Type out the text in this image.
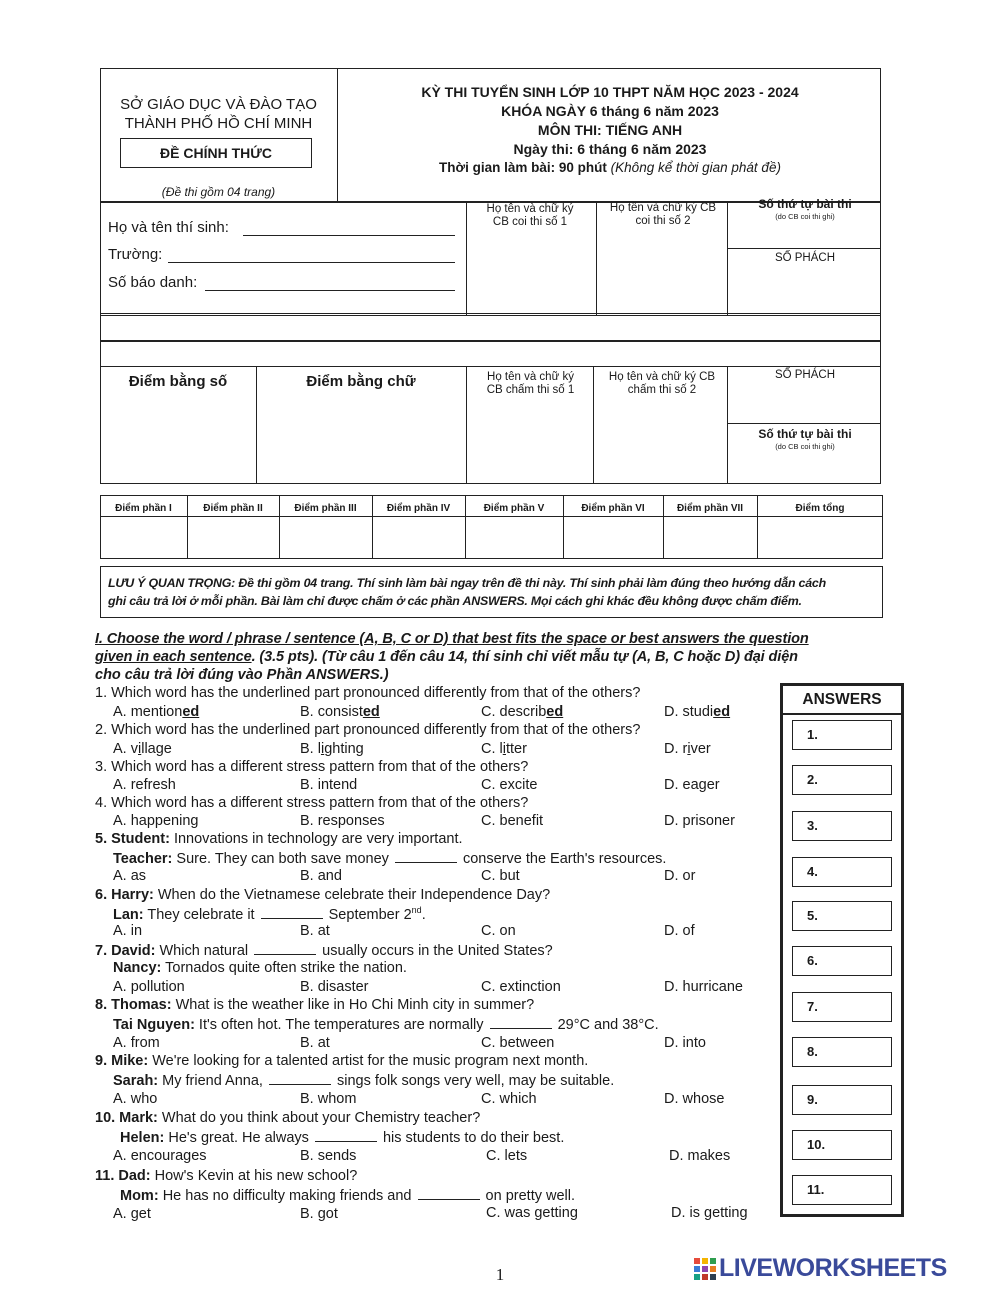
SỞ GIÁO DỤC VÀ ĐÀO TẠO
THÀNH PHỐ HỒ CHÍ MINH
ĐỀ CHÍNH THỨC
(Đề thi gồm 04 trang)
KỲ THI TUYỂN SINH LỚP 10 THPT NĂM HỌC 2023 - 2024
KHÓA NGÀY 6 tháng 6 năm 2023
MÔN THI: TIẾNG ANH
Ngày thi: 6 tháng 6 năm 2023
Thời gian làm bài: 90 phút (Không kể thời gian phát đề)
Họ và tên thí sinh:
Trường:
Số báo danh:
Họ tên và chữ ký CB coi thi số 1
Họ tên và chữ ký CB coi thi số 2
Số thứ tự bài thi
(do CB coi thi ghi)
SỐ PHÁCH
Điểm bằng số	Điểm bằng chữ	Họ tên và chữ ký CB chấm thi số 1
Họ tên và chữ ký CB chấm thi số 2
SỐ PHÁCH
Số thứ tự bài thi
(do CB coi thi ghi)
Điểm phần I	Điểm phần II	Điểm phần III	Điểm phần IV	Điểm phần V	Điểm phần VI	Điểm phần VII	Điểm tổng
LƯU Ý QUAN TRỌNG: Đề thi gồm 04 trang. Thí sinh làm bài ngay trên đề thi này. Thí sinh phải làm đúng theo hướng dẫn cách
ghi câu trả lời ở mỗi phần. Bài làm chỉ được chấm ở các phần ANSWERS. Mọi cách ghi khác đều không được chấm điểm.
I. Choose the word / phrase / sentence (A, B, C or D) that best fits the space or best answers the question
given in each sentence. (3.5 pts). (Từ câu 1 đến câu 14, thí sinh chỉ viết mẫu tự (A, B, C hoặc D) đại diện
cho câu trả lời đúng vào Phần ANSWERS.)
1. Which word has the underlined part pronounced differently from that of the others?
A. mentioned	B. consisted	C. described	D. studied
2. Which word has the underlined part pronounced differently from that of the others?
A. village	B. lighting	C. litter	D. river
3. Which word has a different stress pattern from that of the others?
A. refresh	B. intend	C. excite	D. eager
4. Which word has a different stress pattern from that of the others?
A. happening	B. responses	C. benefit	D. prisoner
5. Student: Innovations in technology are very important.
Teacher: Sure. They can both save money	conserve the Earth's resources.
A. as	B. and	C. but	D. or
6. Harry: When do the Vietnamese celebrate their Independence Day?
Lan: They celebrate it	September 2nd.
A. in	B. at	C. on	D. of
7. David: Which natural	usually occurs in the United States?
Nancy: Tornados quite often strike the nation.
A. pollution	B. disaster	C. extinction	D. hurricane
8. Thomas: What is the weather like in Ho Chi Minh city in summer?
Tai Nguyen: It's often hot. The temperatures are normally	29°C and 38°C.
A. from	B. at	C. between	D. into
9. Mike: We're looking for a talented artist for the music program next month.
Sarah: My friend Anna,	sings folk songs very well, may be suitable.
A. who	B. whom	C. which	D. whose
10. Mark: What do you think about your Chemistry teacher?
Helen: He's great. He always	his students to do their best.
A. encourages	B. sends	C. lets	D. makes
11. Dad: How's Kevin at his new school?
Mom: He has no difficulty making friends and	on pretty well.
A. get	B. got	C. was getting	D. is getting
ANSWERS
1.
2.
3.
4.
5.
6.
7.
8.
9.
10.
11.
1	LIVEWORKSHEETS
